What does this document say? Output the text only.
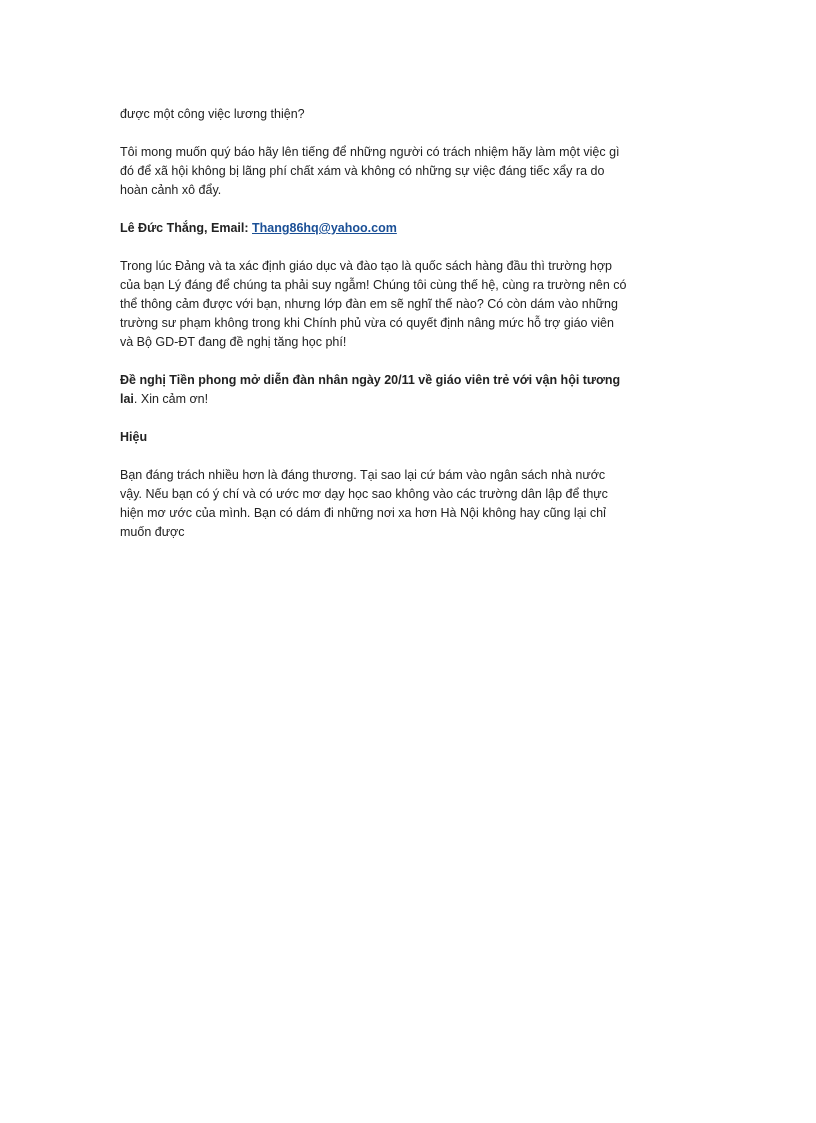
được một công việc lương thiện?

Tôi mong muốn quý báo hãy lên tiếng để những người có trách nhiệm hãy làm một việc gì
đó để xã hội không bị lãng phí chất xám và không có những sự việc đáng tiếc xẩy ra do
hoàn cảnh xô đẩy.

Lê Đức Thắng, Email: Thang86hq@yahoo.com

Trong lúc Đảng và ta xác định giáo dục và đào tạo là quốc sách hàng đầu thì trường hợp
của bạn Lý đáng để chúng ta phải suy ngẫm! Chúng tôi cùng thế hệ, cùng ra trường nên có
thể thông cảm được với bạn, nhưng lớp đàn em sẽ nghĩ thế nào? Có còn dám vào những
trường sư phạm không trong khi Chính phủ vừa có quyết định nâng mức hỗ trợ giáo viên
và Bộ GD-ĐT đang đề nghị tăng học phí!

Đề nghị Tiền phong mở diễn đàn nhân ngày 20/11 về giáo viên trẻ với vận hội tương
lai. Xin cảm ơn!

Hiệu

Bạn đáng trách nhiều hơn là đáng thương. Tại sao lại cứ bám vào ngân sách nhà nước
vậy. Nếu bạn có ý chí và có ước mơ dạy học sao không vào các trường dân lập để thực
hiện mơ ước của mình. Bạn có dám đi những nơi xa hơn Hà Nội không hay cũng lại chỉ
muốn được
